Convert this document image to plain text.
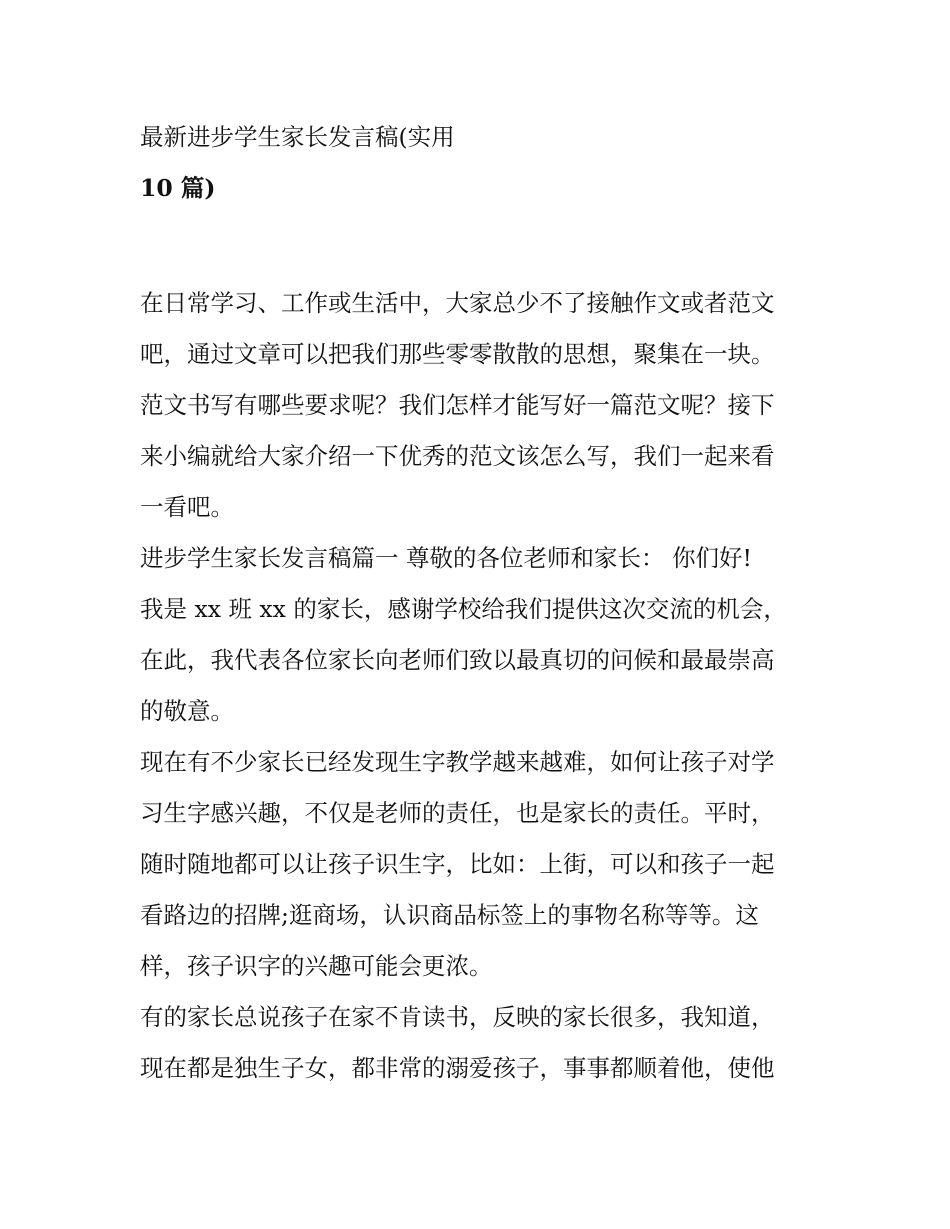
最新进步学生家长发言稿(实用
10 篇)
在日常学习、工作或生活中，大家总少不了接触作文或者范文
吧，通过文章可以把我们那些零零散散的思想，聚集在一块。
范文书写有哪些要求呢？我们怎样才能写好一篇范文呢？接下
来小编就给大家介绍一下优秀的范文该怎么写，我们一起来看
一看吧。
进步学生家长发言稿篇一 尊敬的各位老师和家长： 你们好!
我是 xx 班 xx 的家长，感谢学校给我们提供这次交流的机会，
在此，我代表各位家长向老师们致以最真切的问候和最最崇高
的敬意。
现在有不少家长已经发现生字教学越来越难，如何让孩子对学
习生字感兴趣，不仅是老师的责任，也是家长的责任。平时，
随时随地都可以让孩子识生字，比如：上街，可以和孩子一起
看路边的招牌;逛商场，认识商品标签上的事物名称等等。这
样，孩子识字的兴趣可能会更浓。
有的家长总说孩子在家不肯读书，反映的家长很多，我知道，
现在都是独生子女，都非常的溺爱孩子，事事都顺着他，使他
